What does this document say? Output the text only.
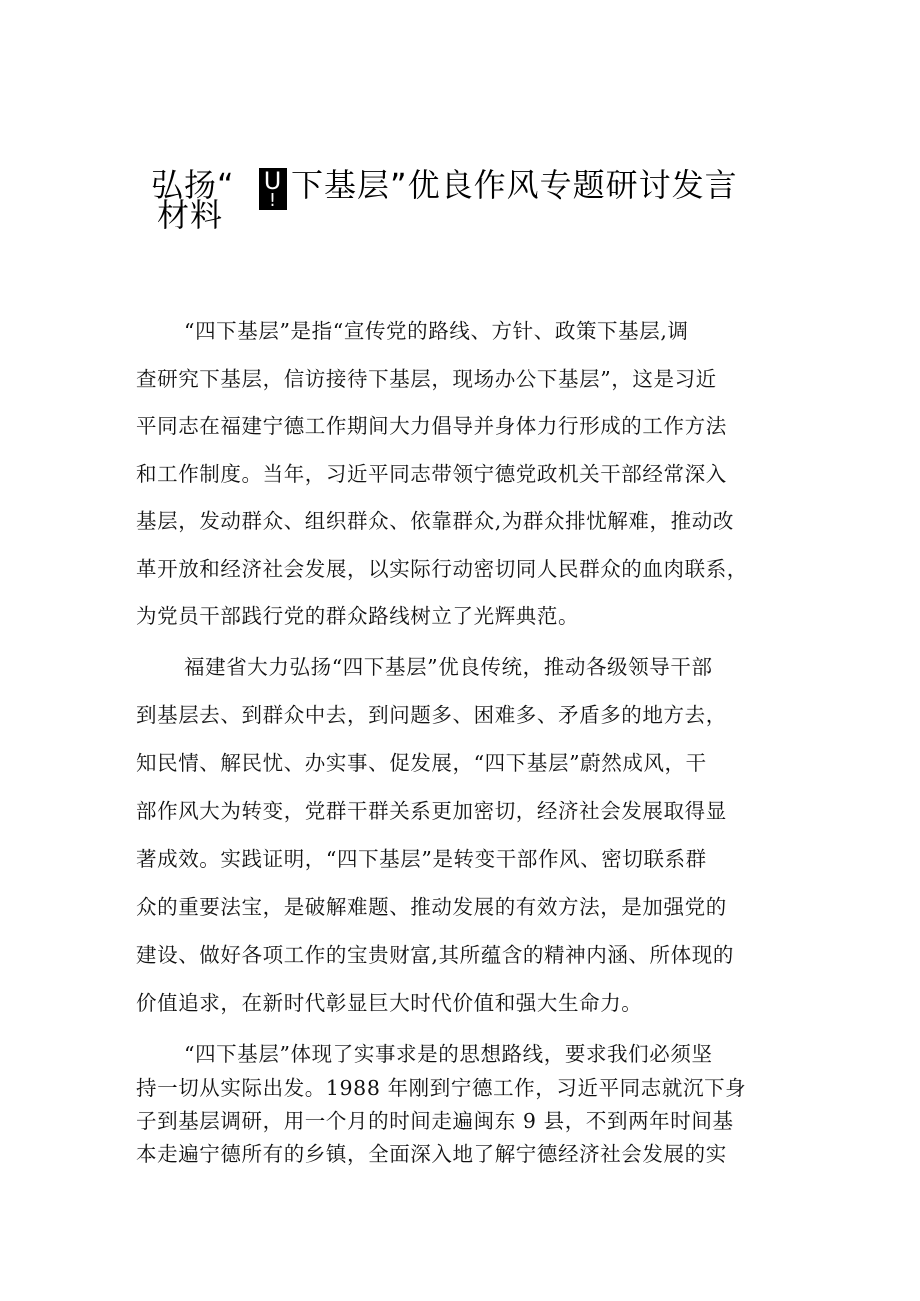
弘扬“ U
! 下基层”优良作风专题研讨发言
材料
“四下基层”是指“宣传党的路线、方针、政策下基层,调
查研究下基层，信访接待下基层，现场办公下基层”，这是习近
平同志在福建宁德工作期间大力倡导并身体力行形成的工作方法
和工作制度。当年，习近平同志带领宁德党政机关干部经常深入
基层，发动群众、组织群众、依靠群众,为群众排忧解难，推动改
革开放和经济社会发展，以实际行动密切同人民群众的血肉联系，
为党员干部践行党的群众路线树立了光辉典范。
福建省大力弘扬“四下基层”优良传统，推动各级领导干部
到基层去、到群众中去，到问题多、困难多、矛盾多的地方去，
知民情、解民忧、办实事、促发展，“四下基层”蔚然成风，干
部作风大为转变，党群干群关系更加密切，经济社会发展取得显
著成效。实践证明，“四下基层”是转变干部作风、密切联系群
众的重要法宝，是破解难题、推动发展的有效方法，是加强党的
建设、做好各项工作的宝贵财富,其所蕴含的精神内涵、所体现的
价值追求，在新时代彰显巨大时代价值和强大生命力。
“四下基层”体现了实事求是的思想路线，要求我们必须坚
持一切从实际出发。1988 年刚到宁德工作，习近平同志就沉下身
子到基层调研，用一个月的时间走遍闽东 9 县，不到两年时间基
本走遍宁德所有的乡镇，全面深入地了解宁德经济社会发展的实
